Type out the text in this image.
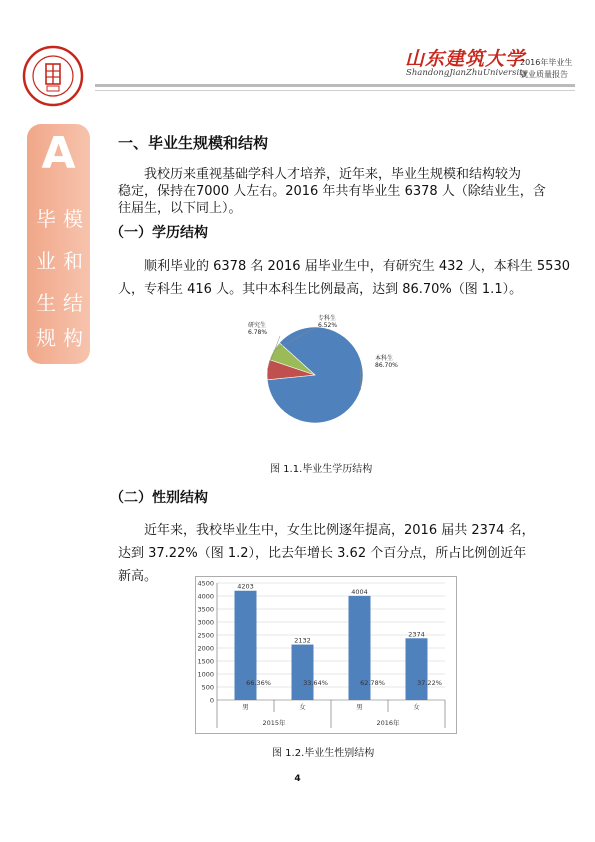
山东建筑大学
ShandongJianZhuUniversity
2016年毕业生
就业质量报告
A
毕 模
业 和
生 结
规 构
一、毕业生规模和结构
我校历来重视基础学科人才培养，近年来，毕业生规模和结构较为
稳定，保持在7000 人左右。2016 年共有毕业生 6378 人（除结业生，含
往届生，以下同上）。
（一）学历结构
顺利毕业的 6378 名 2016 届毕业生中，有研究生 432 人，本科生 5530
人，专科生 416 人。其中本科生比例最高，达到 86.70%（图 1.1）。
本科生
86.70%
研究生
6.78%
专科生
6.52%
图 1.1.毕业生学历结构
（二）性别结构
近年来，我校毕业生中，女生比例逐年提高，2016 届共 2374 名，
达到 37.22%（图 1.2），比去年增长 3.62 个百分点，所占比例创近年
新高。
0
500
1000
1500
2000
2500
3000
3500
4000
4500	4203
66.36%
男
2132
33.64%
女
4004
62.78%
男
2374
37.22%
女
2015年	2016年
图 1.2.毕业生性别结构
4
